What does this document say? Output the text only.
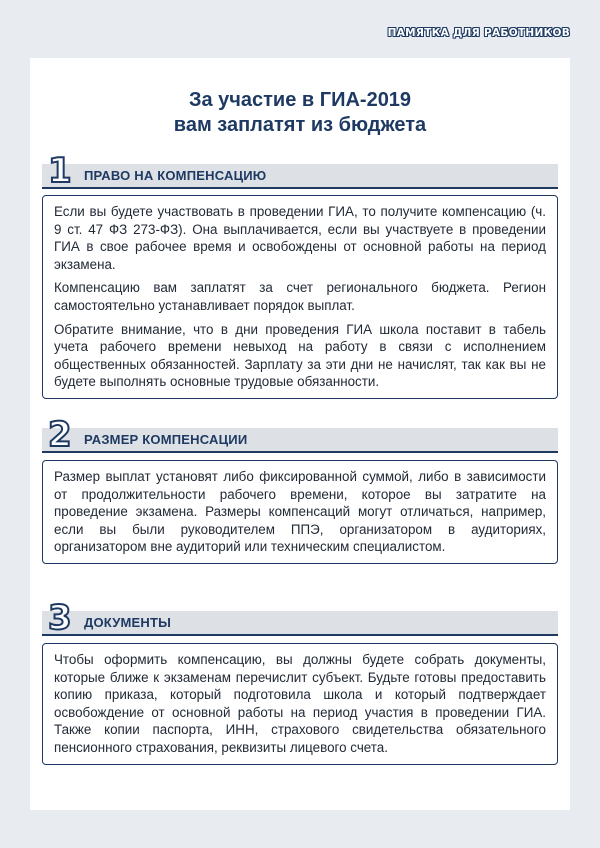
ПАМЯТКА ДЛЯ РАБОТНИКОВ
За участие в ГИА-2019
вам заплатят из бюджета
1 ПРАВО НА КОМПЕНСАЦИЮ

Если вы будете участвовать в проведении ГИА, то получите компенсацию (ч. 9 ст. 47 ФЗ 273-ФЗ). Она выплачивается, если вы участвуете в проведении ГИА в свое рабочее время и освобождены от основной работы на период экзамена.

Компенсацию вам заплатят за счет регионального бюджета. Регион самостоятельно устанавливает порядок выплат.

Обратите внимание, что в дни проведения ГИА школа поставит в табель учета рабочего времени невыход на работу в связи с исполнением общественных обязанностей. Зарплату за эти дни не начислят, так как вы не будете выполнять основные трудовые обязанности.

2 РАЗМЕР КОМПЕНСАЦИИ

Размер выплат установят либо фиксированной суммой, либо в зависимости от продолжительности рабочего времени, которое вы затратите на проведение экзамена. Размеры компенсаций могут отличаться, например, если вы были руководителем ППЭ, организатором в аудиториях, организатором вне аудиторий или техническим специалистом.

3 ДОКУМЕНТЫ

Чтобы оформить компенсацию, вы должны будете собрать документы, которые ближе к экзаменам перечислит субъект. Будьте готовы предоставить копию приказа, который подготовила школа и который подтверждает освобождение от основной работы на период участия в проведении ГИА. Также копии паспорта, ИНН, страхового свидетельства обязательного пенсионного страхования, реквизиты лицевого счета.
